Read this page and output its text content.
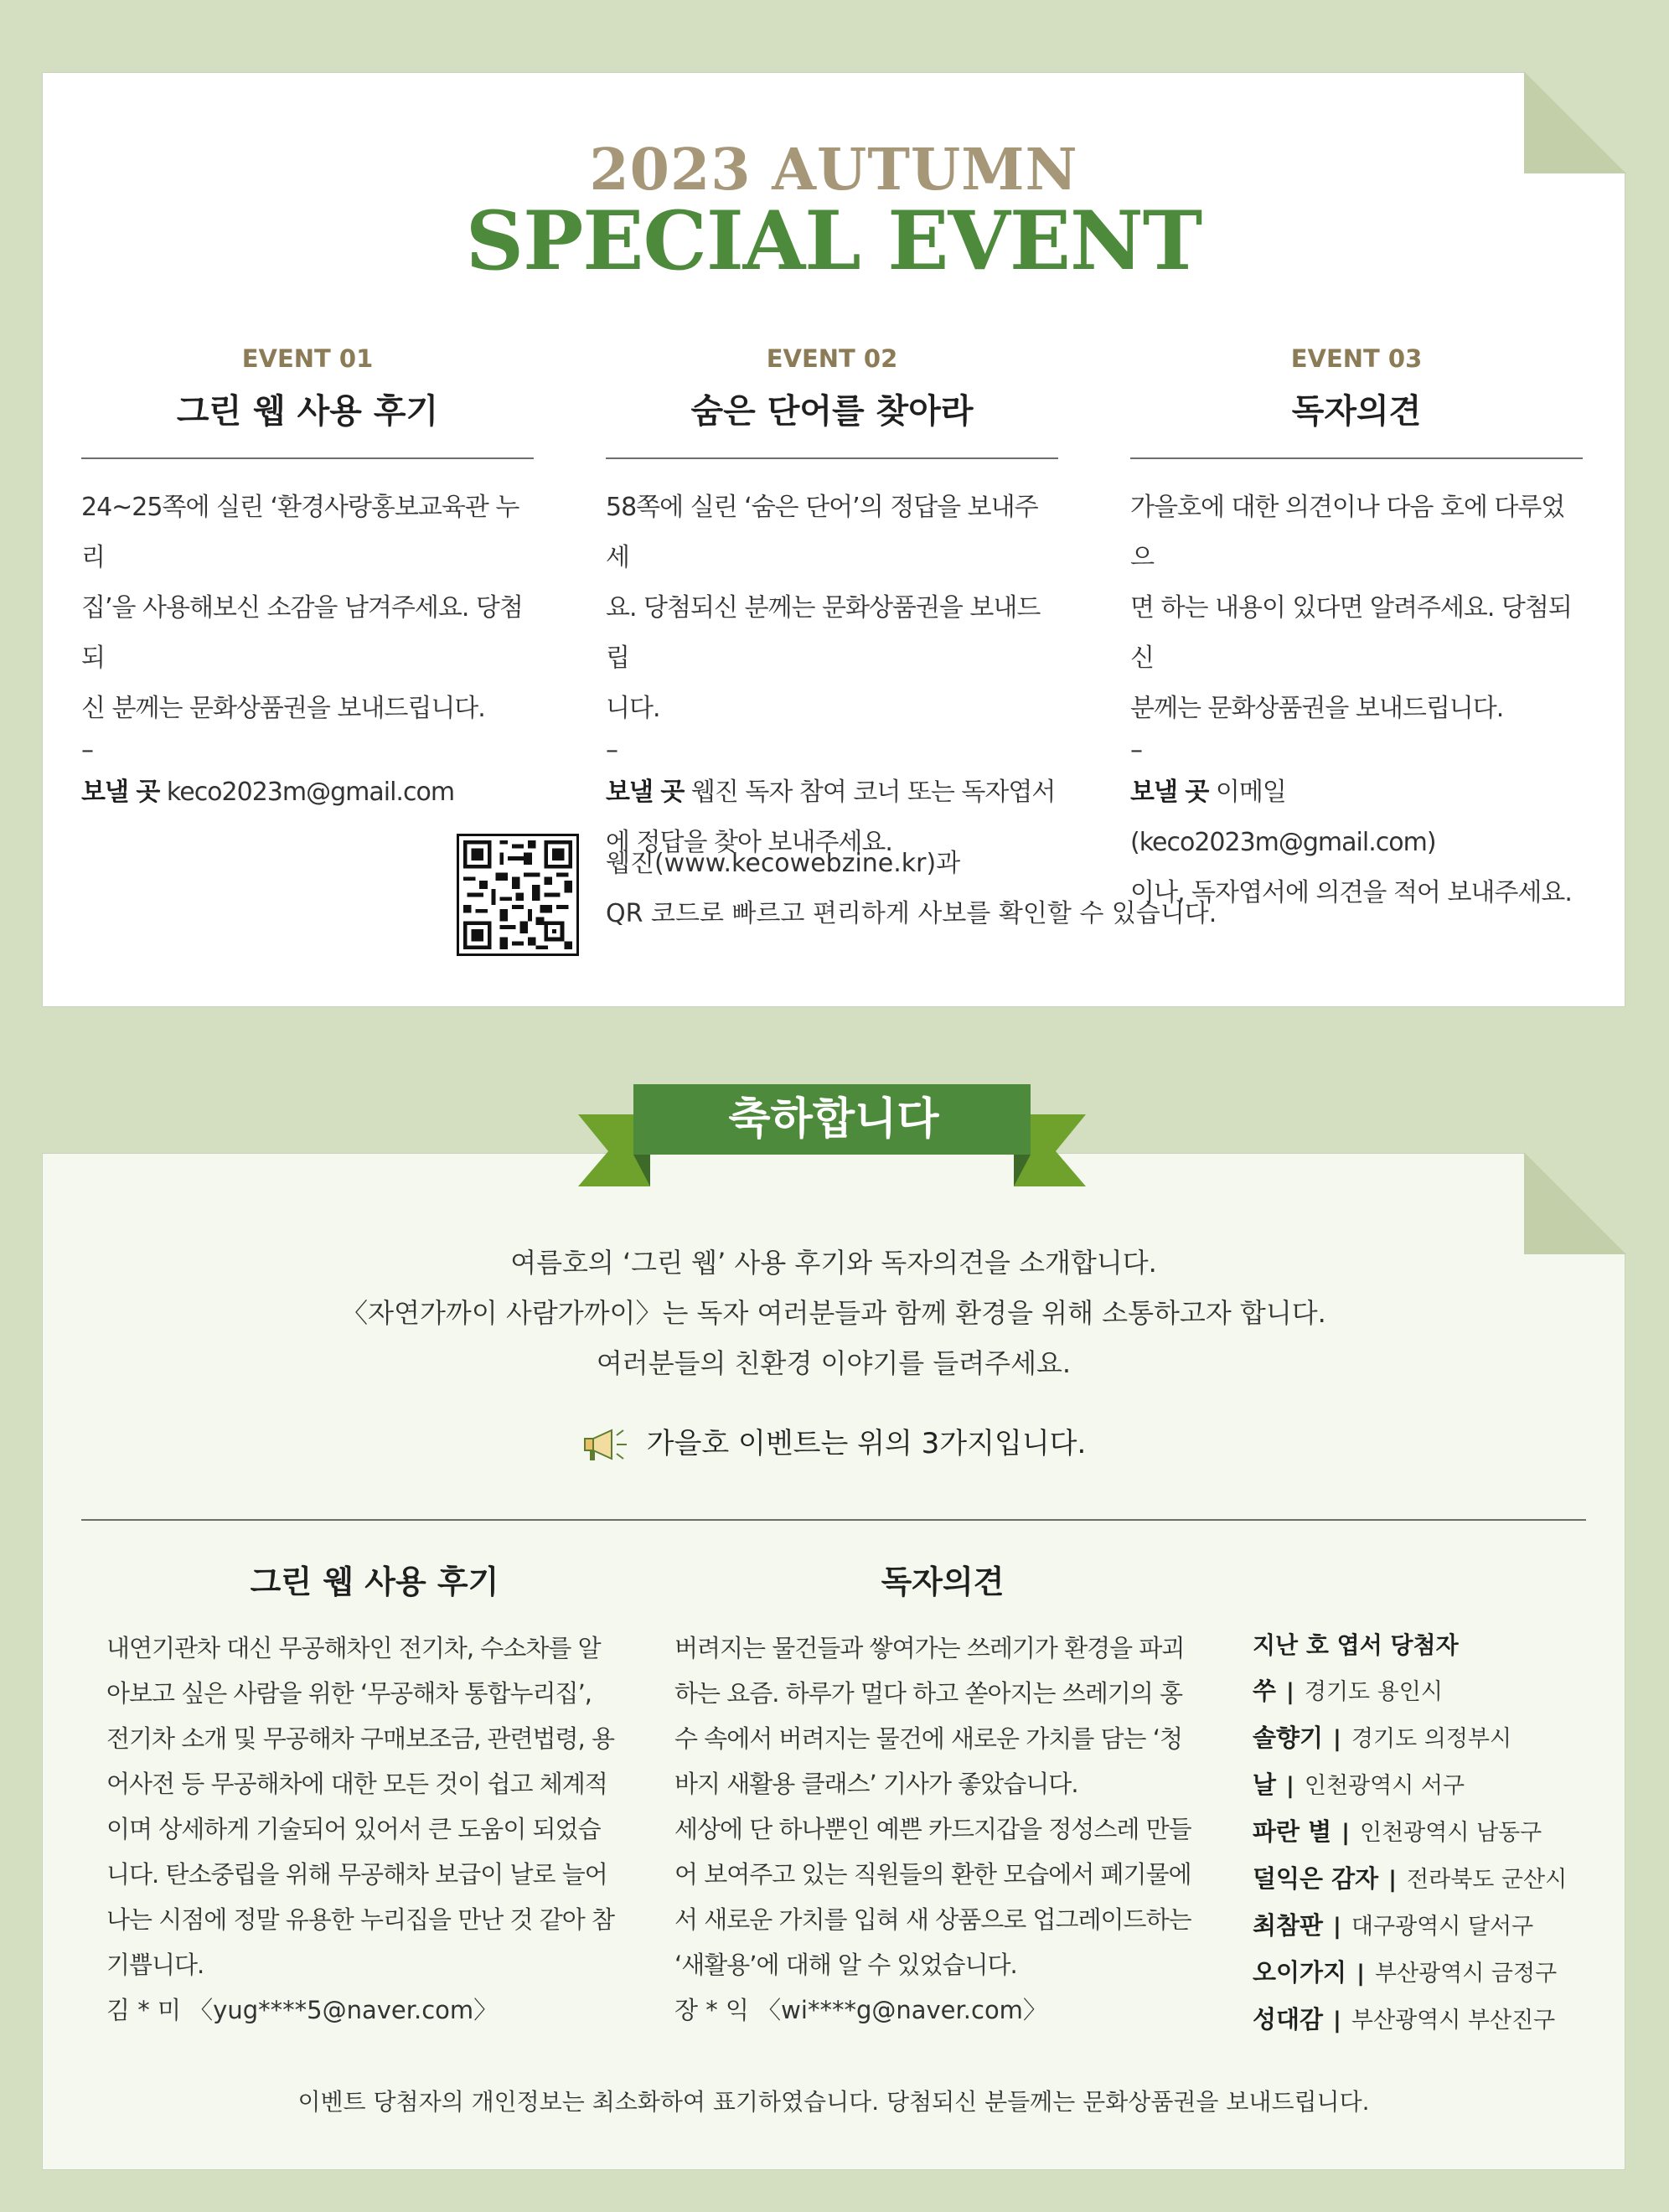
2023 AUTUMN
SPECIAL EVENT
EVENT 01
그린 웹 사용 후기
24~25쪽에 실린 ‘환경사랑홍보교육관 누리
집’을 사용해보신 소감을 남겨주세요. 당첨되
신 분께는 문화상품권을 보내드립니다.
–
보낼 곳 keco2023m@gmail.com
EVENT 02
숨은 단어를 찾아라
58쪽에 실린 ‘숨은 단어’의 정답을 보내주세
요. 당첨되신 분께는 문화상품권을 보내드립
니다.
–
보낼 곳 웹진 독자 참여 코너 또는 독자엽서
에 정답을 찾아 보내주세요.
EVENT 03
독자의견
가을호에 대한 의견이나 다음 호에 다루었으
면 하는 내용이 있다면 알려주세요. 당첨되신
분께는 문화상품권을 보내드립니다.
–
보낼 곳 이메일(keco2023m@gmail.com)
이나, 독자엽서에 의견을 적어 보내주세요.
웹진(www.kecowebzine.kr)과
QR 코드로 빠르고 편리하게 사보를 확인할 수 있습니다.
여름호의 ‘그린 웹’ 사용 후기와 독자의견을 소개합니다.
〈자연가까이 사람가까이〉는 독자 여러분들과 함께 환경을 위해 소통하고자 합니다.
여러분들의 친환경 이야기를 들려주세요.
가을호 이벤트는 위의 3가지입니다.
그린 웹 사용 후기
내연기관차 대신 무공해차인 전기차, 수소차를 알
아보고 싶은 사람을 위한 ‘무공해차 통합누리집’,
전기차 소개 및 무공해차 구매보조금, 관련법령, 용
어사전 등 무공해차에 대한 모든 것이 쉽고 체계적
이며 상세하게 기술되어 있어서 큰 도움이 되었습
니다. 탄소중립을 위해 무공해차 보급이 날로 늘어
나는 시점에 정말 유용한 누리집을 만난 것 같아 참
기쁩니다.
김 * 미 〈yug****5@naver.com〉
독자의견
버려지는 물건들과 쌓여가는 쓰레기가 환경을 파괴
하는 요즘. 하루가 멀다 하고 쏟아지는 쓰레기의 홍
수 속에서 버려지는 물건에 새로운 가치를 담는 ‘청
바지 새활용 클래스’ 기사가 좋았습니다.
세상에 단 하나뿐인 예쁜 카드지갑을 정성스레 만들
어 보여주고 있는 직원들의 환한 모습에서 폐기물에
서 새로운 가치를 입혀 새 상품으로 업그레이드하는
‘새활용’에 대해 알 수 있었습니다.
장 * 익 〈wi****g@naver.com〉
지난 호 엽서 당첨자
쑤 | 경기도 용인시
솔향기 | 경기도 의정부시
날 | 인천광역시 서구
파란 별 | 인천광역시 남동구
덜익은 감자 | 전라북도 군산시
최참판 | 대구광역시 달서구
오이가지 | 부산광역시 금정구
성대감 | 부산광역시 부산진구
이벤트 당첨자의 개인정보는 최소화하여 표기하였습니다. 당첨되신 분들께는 문화상품권을 보내드립니다.
축하합니다
